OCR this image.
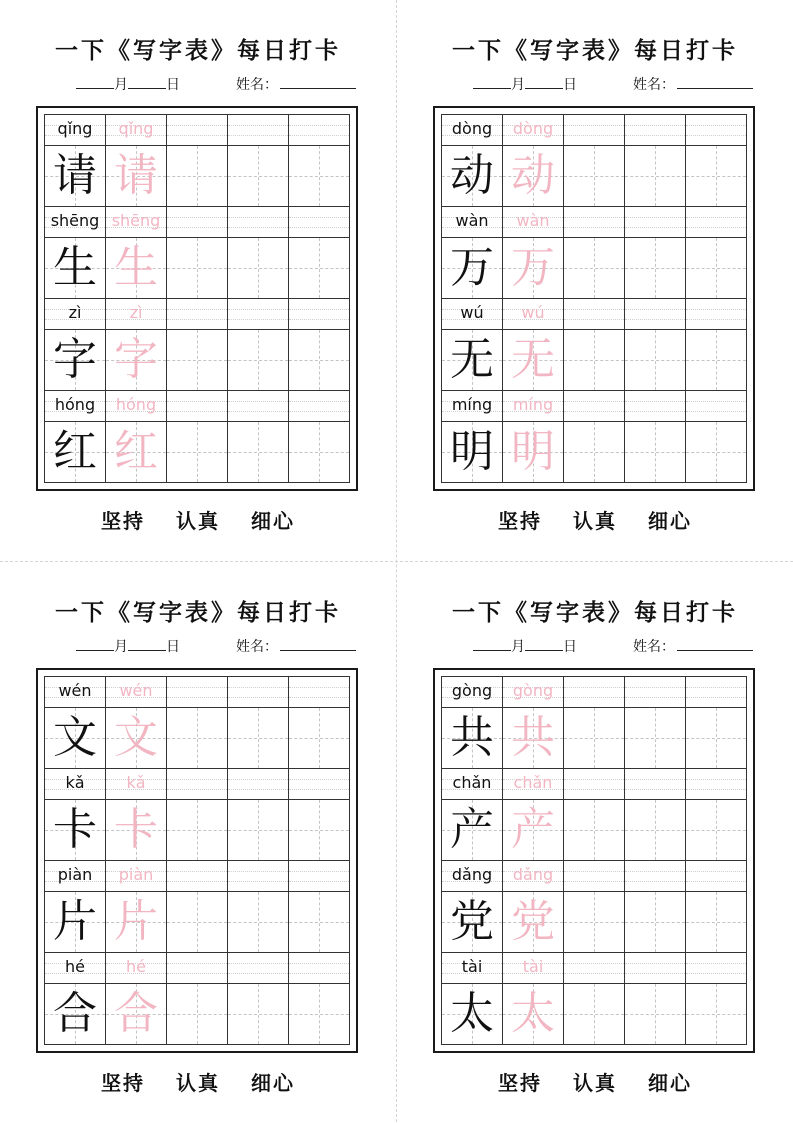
一下《写字表》每日打卡
月	日	姓名：
qǐng	qǐng
请 请
shēng shēng
生 生
zì	zì
字 字
hóng	hóng
红 红

坚持 认真 细心

一下《写字表》每日打卡
月	日	姓名：
dòng	dòng
动 动
wàn	wàn
万 万
wú	wú
无 无
míng	míng
明 明

坚持 认真 细心

一下《写字表》每日打卡
月	日	姓名：
wén	wén
文 文
kǎ	kǎ
卡 卡
piàn	piàn
片 片
hé	hé
合 合

坚持 认真 细心

一下《写字表》每日打卡
月	日	姓名：
gòng	gòng
共 共
chǎn	chǎn
产 产
dǎng	dǎng
党 党
tài	tài
太 太

坚持 认真 细心
